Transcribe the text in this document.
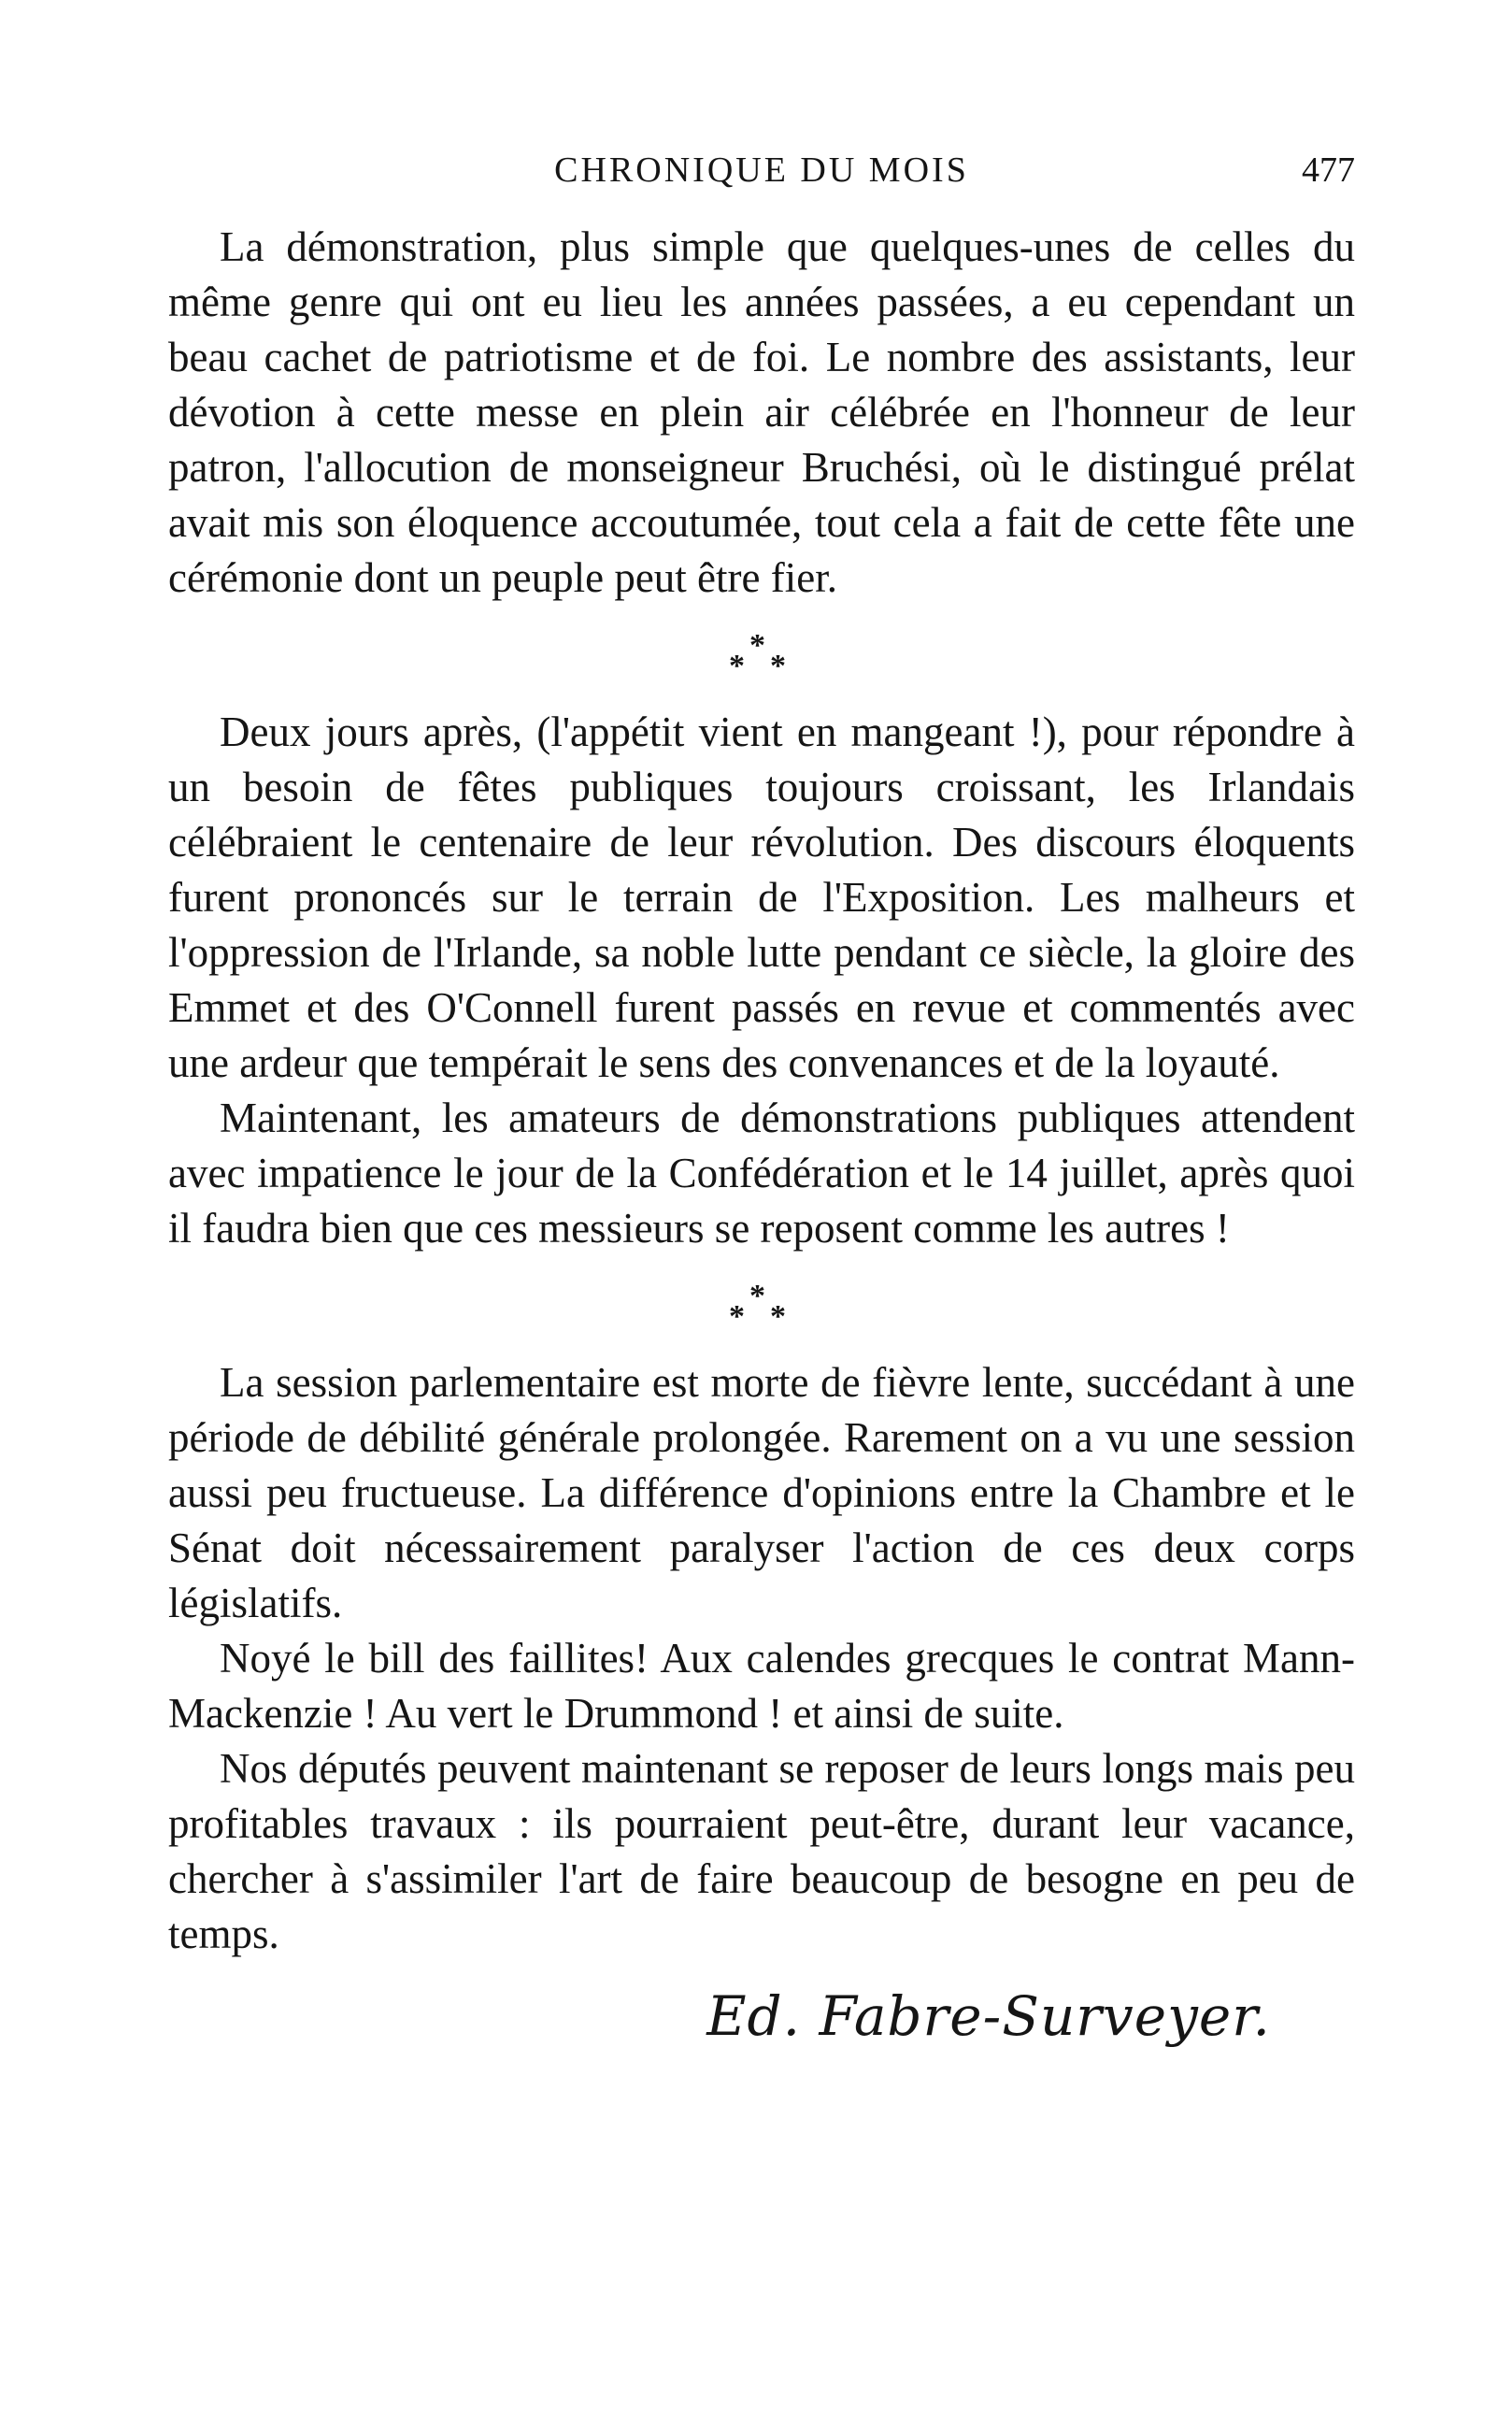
CHRONIQUE DU MOIS	477

La démonstration, plus simple que quelques-unes de celles du même genre qui ont eu lieu les années passées, a eu cependant un beau cachet de patriotisme et de foi. Le nombre des assistants, leur dévotion à cette messe en plein air célébrée en l'honneur de leur patron, l'allocution de monseigneur Bruchési, où le distingué prélat avait mis son éloquence accoutumée, tout cela a fait de cette fête une cérémonie dont un peuple peut être fier.

*
* *

Deux jours après, (l'appétit vient en mangeant !), pour répondre à un besoin de fêtes publiques toujours croissant, les Irlandais célébraient le centenaire de leur révolution. Des discours éloquents furent prononcés sur le terrain de l'Exposition. Les malheurs et l'oppression de l'Irlande, sa noble lutte pendant ce siècle, la gloire des Emmet et des O'Connell furent passés en revue et commentés avec une ardeur que tempérait le sens des convenances et de la loyauté.

Maintenant, les amateurs de démonstrations publiques attendent avec impatience le jour de la Confédération et le 14 juillet, après quoi il faudra bien que ces messieurs se reposent comme les autres !

*
* *

La session parlementaire est morte de fièvre lente, succédant à une période de débilité générale prolongée. Rarement on a vu une session aussi peu fructueuse. La différence d'opinions entre la Chambre et le Sénat doit nécessairement paralyser l'action de ces deux corps législatifs.

Noyé le bill des faillites! Aux calendes grecques le contrat Mann-Mackenzie ! Au vert le Drummond ! et ainsi de suite.

Nos députés peuvent maintenant se reposer de leurs longs mais peu profitables travaux : ils pourraient peut-être, durant leur vacance, chercher à s'assimiler l'art de faire beaucoup de besogne en peu de temps.

Ed. Fabre-Surveyer.
